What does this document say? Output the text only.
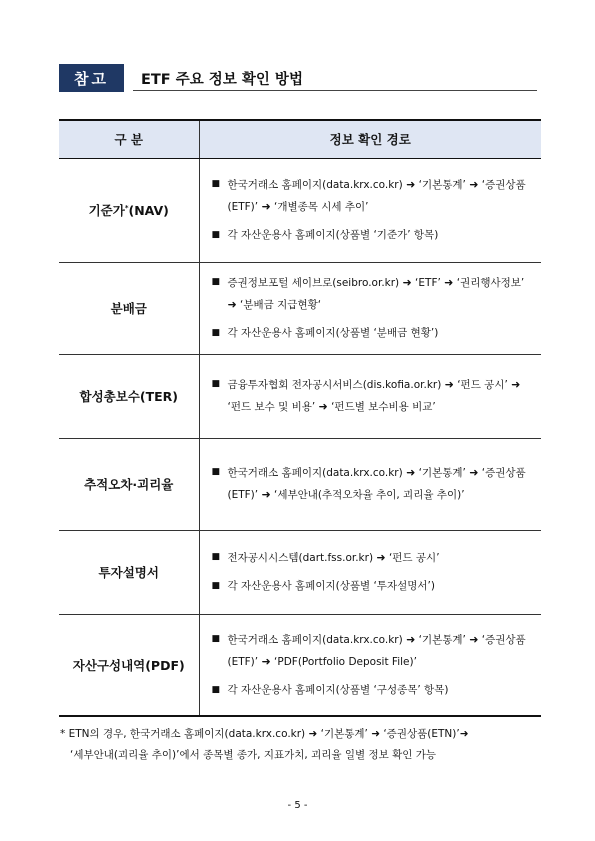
참고	ETF 주요 정보 확인 방법
구 분	정보 확인 경로
기준가*(NAV)	■ 한국거래소 홈페이지(data.krx.co.kr) ➜ ‘기본통계’ ➜ ‘증권상품(ETF)’ ➜ ‘개별종목 시세 추이’
■ 각 자산운용사 홈페이지(상품별 ‘기준가’ 항목)

분배금	■ 증권정보포털 세이브로(seibro.or.kr) ➜ ‘ETF’ ➜ ‘권리행사정보’ ➜ ‘분배금 지급현황‘
■ 각 자산운용사 홈페이지(상품별 ‘분배금 현황’)

합성총보수(TER)	■ 금융투자협회 전자공시서비스(dis.kofia.or.kr) ➜ ‘펀드 공시’ ➜ ‘펀드 보수 및 비용’ ➜ ‘펀드별 보수비용 비교’

추적오차·괴리율	■ 한국거래소 홈페이지(data.krx.co.kr) ➜ ‘기본통계’ ➜ ‘증권상품(ETF)’ ➜ ‘세부안내(추적오차율 추이, 괴리율 추이)’

투자설명서	■ 전자공시시스템(dart.fss.or.kr) ➜ ‘펀드 공시’
■ 각 자산운용사 홈페이지(상품별 ‘투자설명서’)

자산구성내역(PDF)	■ 한국거래소 홈페이지(data.krx.co.kr) ➜ ‘기본통계’ ➜ ‘증권상품(ETF)’ ➜ ‘PDF(Portfolio Deposit File)’
■ 각 자산운용사 홈페이지(상품별 ‘구성종목’ 항목)
* ETN의 경우, 한국거래소 홈페이지(data.krx.co.kr) ➜ ‘기본통계’ ➜ ‘증권상품(ETN)’➜
‘세부안내(괴리율 추이)’에서 종목별 종가, 지표가치, 괴리율 일별 정보 확인 가능
- 5 -
